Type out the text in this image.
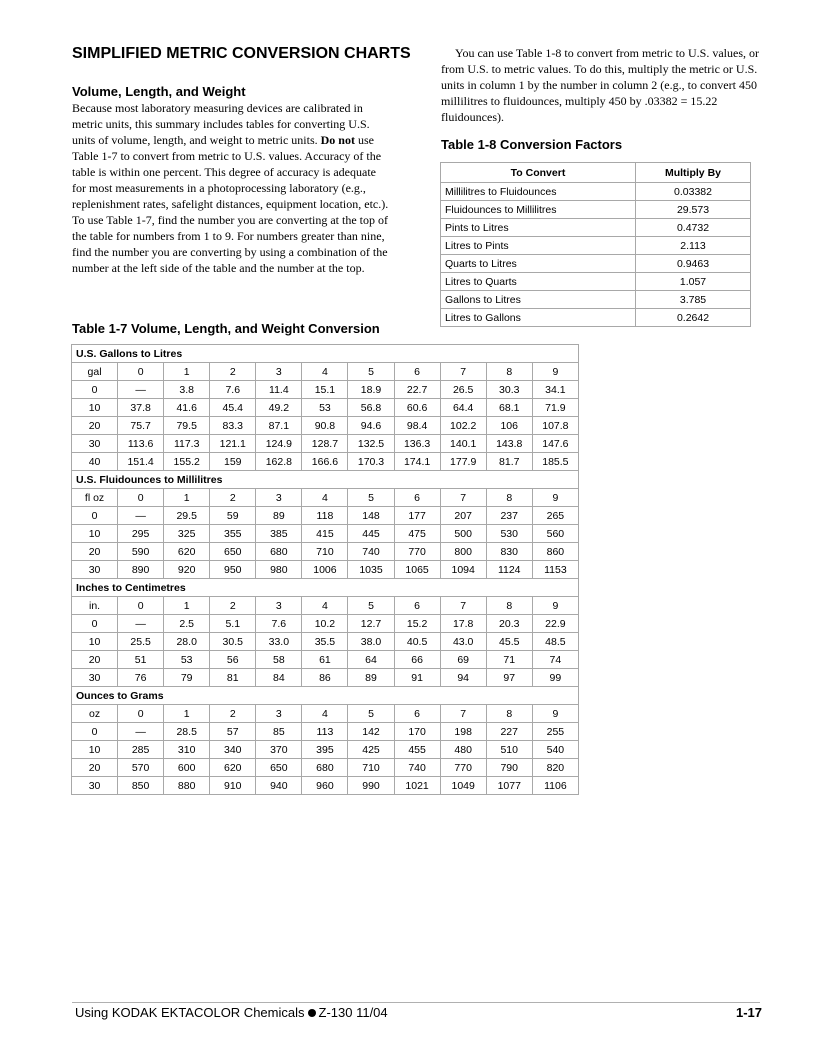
SIMPLIFIED METRIC CONVERSION CHARTS
Volume, Length, and Weight

Because most laboratory measuring devices are calibrated in metric units, this summary includes tables for converting U.S. units of volume, length, and weight to metric units. Do not use Table 1-7 to convert from metric to U.S. values. Accuracy of the table is within one percent. This degree of accuracy is adequate for most measurements in a photoprocessing laboratory (e.g., replenishment rates, safelight distances, equipment location, etc.). To use Table 1-7, find the number you are converting at the top of the table for numbers from 1 to 9. For numbers greater than nine, find the number you are converting by using a combination of the number at the left side of the table and the number at the top.

You can use Table 1-8 to convert from metric to U.S. values, or from U.S. to metric values. To do this, multiply the metric or U.S. units in column 1 by the number in column 2 (e.g., to convert 450 millilitres to fluidounces, multiply 450 by .03382 = 15.22 fluidounces).

Table 1-8 Conversion Factors
To Convert	Multiply By
Millilitres to Fluidounces	0.03382
Fluidounces to Millilitres	29.573
Pints to Litres	0.4732
Litres to Pints	2.113
Quarts to Litres	0.9463
Litres to Quarts	1.057
Gallons to Litres	3.785
Litres to Gallons	0.2642
Table 1-7 Volume, Length, and Weight Conversion
U.S. Gallons to Litres										
gal	0	1	2	3	4	5	6	7	8	9
0	—	3.8	7.6	11.4	15.1	18.9	22.7	26.5	30.3	34.1
10	37.8	41.6	45.4	49.2	53	56.8	60.6	64.4	68.1	71.9
20	75.7	79.5	83.3	87.1	90.8	94.6	98.4	102.2	106	107.8
30	113.6	117.3	121.1	124.9	128.7	132.5	136.3	140.1	143.8	147.6
40	151.4	155.2	159	162.8	166.6	170.3	174.1	177.9	81.7	185.5
U.S. Fluidounces to Millilitres										
fl oz	0	1	2	3	4	5	6	7	8	9
0	—	29.5	59	89	118	148	177	207	237	265
10	295	325	355	385	415	445	475	500	530	560
20	590	620	650	680	710	740	770	800	830	860
30	890	920	950	980	1006	1035	1065	1094	1124	1153
Inches to Centimetres										
in.	0	1	2	3	4	5	6	7	8	9
0	—	2.5	5.1	7.6	10.2	12.7	15.2	17.8	20.3	22.9
10	25.5	28.0	30.5	33.0	35.5	38.0	40.5	43.0	45.5	48.5
20	51	53	56	58	61	64	66	69	71	74
30	76	79	81	84	86	89	91	94	97	99
Ounces to Grams										
oz	0	1	2	3	4	5	6	7	8	9
0	—	28.5	57	85	113	142	170	198	227	255
10	285	310	340	370	395	425	455	480	510	540
20	570	600	620	650	680	710	740	770	790	820
30	850	880	910	940	960	990	1021	1049	1077	1106
Using KODAK EKTACOLOR Chemicals Z-130 11/04	1-17
